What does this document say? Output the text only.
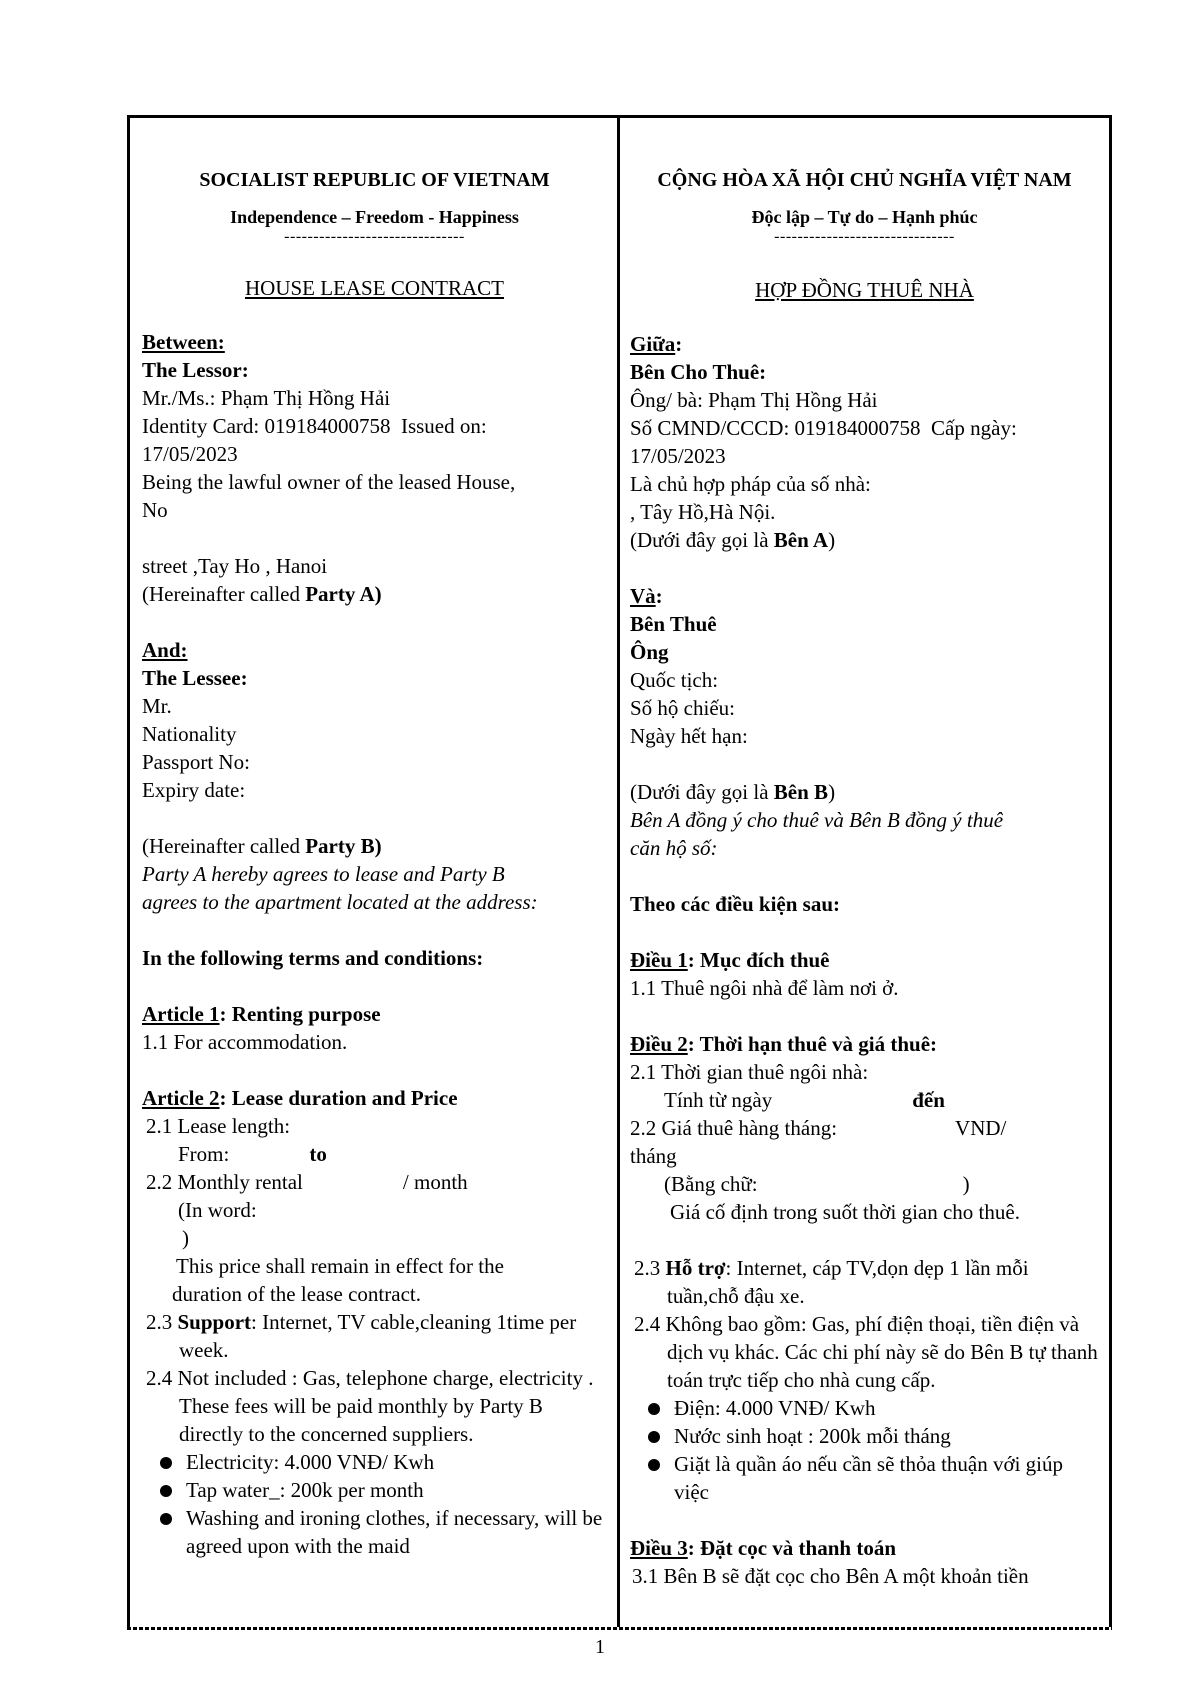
SOCIALIST REPUBLIC OF VIETNAM
Independence – Freedom - Happiness
-------------------------------
HOUSE LEASE CONTRACT
Between:
The Lessor:
Mr./Ms.: Phạm Thị Hồng Hải
Identity Card: 019184000758  Issued on:
17/05/2023
Being the lawful owner of the leased House,
No
street ,Tay Ho , Hanoi
(Hereinafter called Party A)
And:
The Lessee:
Mr.
Nationality
Passport No:
Expiry date:
(Hereinafter called Party B)
Party A hereby agrees to lease and Party B
agrees to the apartment located at the address:
In the following terms and conditions:
Article 1: Renting purpose
1.1 For accommodation.
Article 2: Lease duration and Price
2.1 Lease length:
From:	to
2.2 Monthly rental	/ month
(In word:
)
This price shall remain in effect for the
duration of the lease contract.
2.3 Support: Internet, TV cable,cleaning 1time per week.
2.4 Not included : Gas, telephone charge, electricity . These fees will be paid monthly by Party B directly to the concerned suppliers.
Electricity: 4.000 VNĐ/ Kwh
Tap water_: 200k per month
Washing and ironing clothes, if necessary, will be agreed upon with the maid
CỘNG HÒA XÃ HỘI CHỦ NGHĨA VIỆT NAM
Độc lập – Tự do – Hạnh phúc
-------------------------------
HỢP ĐỒNG THUÊ NHÀ
Giữa:
Bên Cho Thuê:
Ông/ bà: Phạm Thị Hồng Hải
Số CMND/CCCD: 019184000758  Cấp ngày:
17/05/2023
Là chủ hợp pháp của số nhà:
, Tây Hồ,Hà Nội.
(Dưới đây gọi là Bên A)
Và:
Bên Thuê
Ông
Quốc tịch:
Số hộ chiếu:
Ngày hết hạn:
(Dưới đây gọi là Bên B)
Bên A đồng ý cho thuê và Bên B đồng ý thuê
căn hộ số:
Theo các điều kiện sau:
Điều 1: Mục đích thuê
1.1 Thuê ngôi nhà để làm nơi ở.
Điều 2: Thời hạn thuê và giá thuê:
2.1 Thời gian thuê ngôi nhà:
Tính từ ngày	đến
2.2 Giá thuê hàng tháng:	VND/
tháng
(Bằng chữ:	)
Giá cố định trong suốt thời gian cho thuê.
2.3 Hỗ trợ: Internet, cáp TV,dọn dẹp 1 lần mỗi tuần,chỗ đậu xe.
2.4 Không bao gồm: Gas, phí điện thoại, tiền điện và dịch vụ khác. Các chi phí này sẽ do Bên B tự thanh toán trực tiếp cho nhà cung cấp.
Điện: 4.000 VNĐ/ Kwh
Nước sinh hoạt : 200k mỗi tháng
Giặt là quần áo nếu cần sẽ thỏa thuận với giúp việc
Điều 3: Đặt cọc và thanh toán
3.1 Bên B sẽ đặt cọc cho Bên A một khoản tiền
1
